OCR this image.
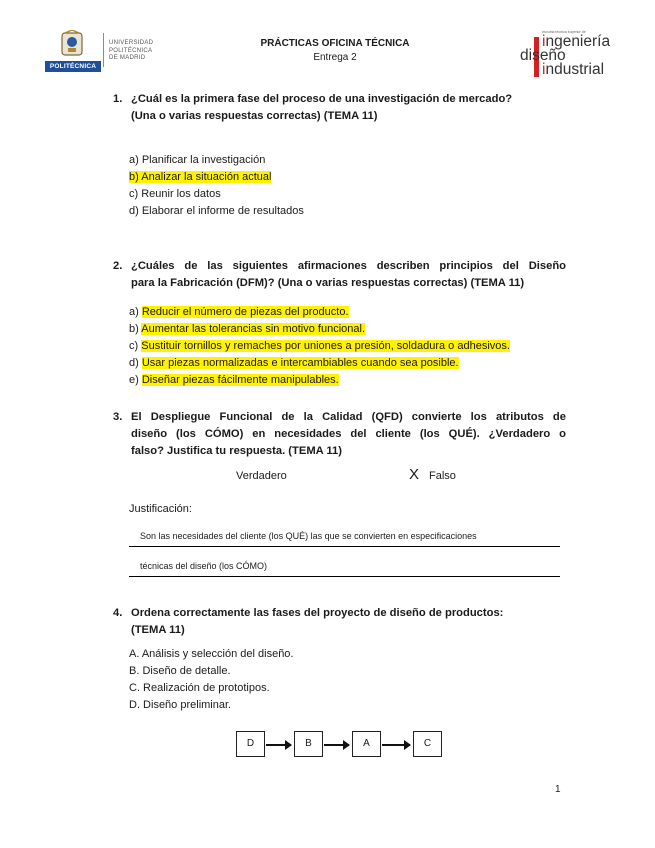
POLITÉCNICA
UNIVERSIDAD
POLITÉCNICA
DE MADRID
PRÁCTICAS OFICINA TÉCNICA
Entrega 2
escuela técnica superior de
ingeniería
diseño
industrial
1. ¿Cuál es la primera fase del proceso de una investigación de mercado?
(Una o varias respuestas correctas) (TEMA 11)
a) Planificar la investigación
b) Analizar la situación actual
c) Reunir los datos
d) Elaborar el informe de resultados
2. ¿Cuáles de las siguientes afirmaciones describen principios del Diseño
para la Fabricación (DFM)? (Una o varias respuestas correctas) (TEMA 11)
a) Reducir el número de piezas del producto.
b) Aumentar las tolerancias sin motivo funcional.
c) Sustituir tornillos y remaches por uniones a presión, soldadura o adhesivos.
d) Usar piezas normalizadas e intercambiables cuando sea posible.
e) Diseñar piezas fácilmente manipulables.
3. El Despliegue Funcional de la Calidad (QFD) convierte los atributos de
diseño (los CÓMO) en necesidades del cliente (los QUÉ). ¿Verdadero o
falso? Justifica tu respuesta. (TEMA 11)
Verdadero	X Falso
Justificación:
Son las necesidades del cliente (los QUÉ) las que se convierten en especificaciones
técnicas del diseño (los CÓMO)
4. Ordena correctamente las fases del proyecto de diseño de productos:
(TEMA 11)
A. Análisis y selección del diseño.
B. Diseño de detalle.
C. Realización de prototipos.
D. Diseño preliminar.
D	B	A	C
1
